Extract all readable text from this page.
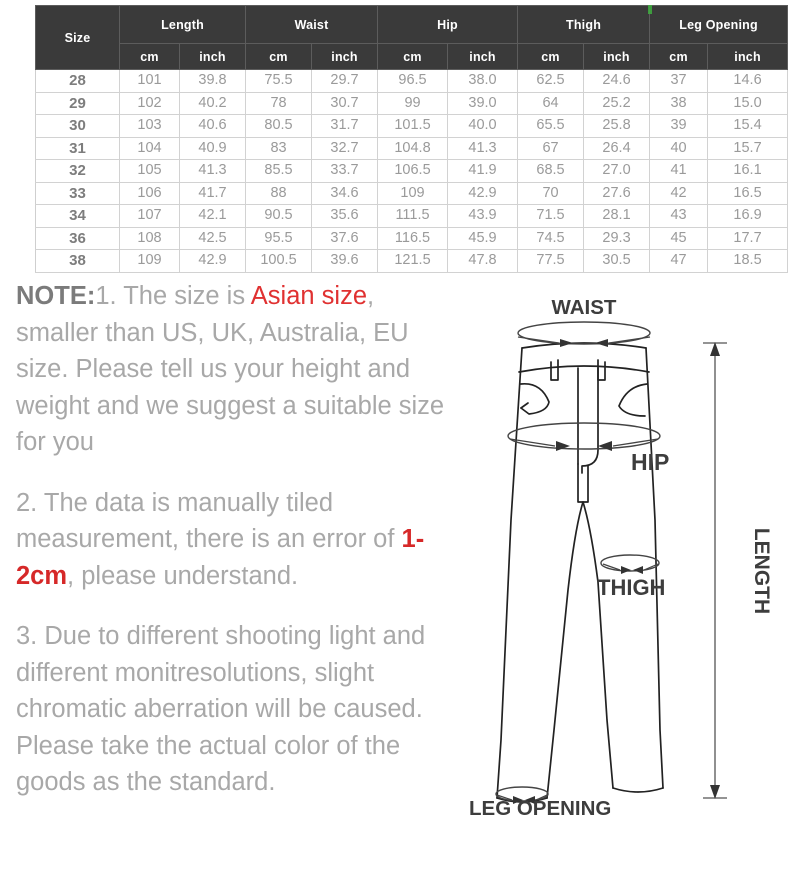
Size	Length		Waist		Hip		Thigh		Leg Opening	
	cm	inch	cm	inch	cm	inch	cm	inch	cm	inch
28	101	39.8	75.5	29.7	96.5	38.0	62.5	24.6	37	14.6
29	102	40.2	78	30.7	99	39.0	64	25.2	38	15.0
30	103	40.6	80.5	31.7	101.5	40.0	65.5	25.8	39	15.4
31	104	40.9	83	32.7	104.8	41.3	67	26.4	40	15.7
32	105	41.3	85.5	33.7	106.5	41.9	68.5	27.0	41	16.1
33	106	41.7	88	34.6	109	42.9	70	27.6	42	16.5
34	107	42.1	90.5	35.6	111.5	43.9	71.5	28.1	43	16.9
36	108	42.5	95.5	37.6	116.5	45.9	74.5	29.3	45	17.7
38	109	42.9	100.5	39.6	121.5	47.8	77.5	30.5	47	18.5

NOTE:1. The size is Asian size, smaller than US, UK, Australia, EU size. Please tell us your height and weight and we suggest a suitable size for you

2. The data is manually tiled measurement, there is an error of 1-2cm, please understand.

3. Due to different shooting light and different monitresolutions, slight chromatic aberration will be caused. Please take the actual color of the goods as the standard.

WAIST
HIP
THIGH
LEG OPENING
LENGTH
